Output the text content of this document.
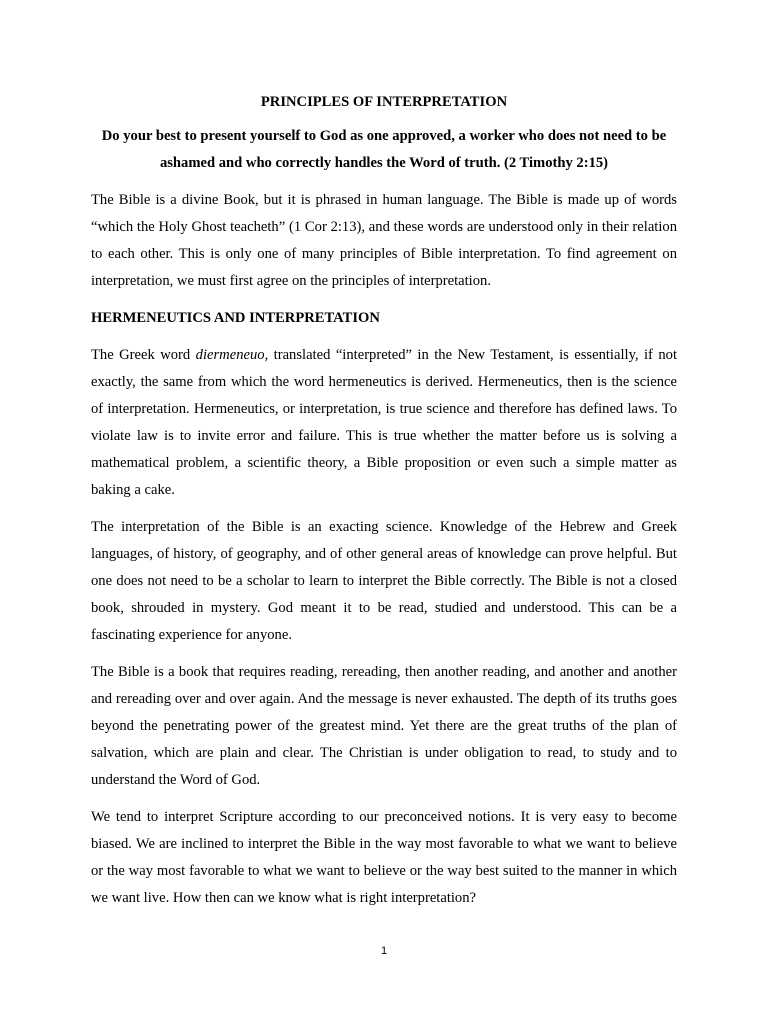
PRINCIPLES OF INTERPRETATION

Do your best to present yourself to God as one approved, a worker who does not need to be ashamed and who correctly handles the Word of truth. (2 Timothy 2:15)

The Bible is a divine Book, but it is phrased in human language. The Bible is made up of words “which the Holy Ghost teacheth” (1 Cor 2:13), and these words are understood only in their relation to each other. This is only one of many principles of Bible interpretation. To find agreement on interpretation, we must first agree on the principles of interpretation.

HERMENEUTICS AND INTERPRETATION

The Greek word diermeneuo, translated “interpreted” in the New Testament, is essentially, if not exactly, the same from which the word hermeneutics is derived. Hermeneutics, then is the science of interpretation. Hermeneutics, or interpretation, is true science and therefore has defined laws. To violate law is to invite error and failure. This is true whether the matter before us is solving a mathematical problem, a scientific theory, a Bible proposition or even such a simple matter as baking a cake.

The interpretation of the Bible is an exacting science. Knowledge of the Hebrew and Greek languages, of history, of geography, and of other general areas of knowledge can prove helpful. But one does not need to be a scholar to learn to interpret the Bible correctly. The Bible is not a closed book, shrouded in mystery. God meant it to be read, studied and understood. This can be a fascinating experience for anyone.

The Bible is a book that requires reading, rereading, then another reading, and another and another and rereading over and over again. And the message is never exhausted. The depth of its truths goes beyond the penetrating power of the greatest mind. Yet there are the great truths of the plan of salvation, which are plain and clear. The Christian is under obligation to read, to study and to understand the Word of God.

We tend to interpret Scripture according to our preconceived notions. It is very easy to become biased. We are inclined to interpret the Bible in the way most favorable to what we want to believe or the way most favorable to what we want to believe or the way best suited to the manner in which we want live. How then can we know what is right interpretation?

1
